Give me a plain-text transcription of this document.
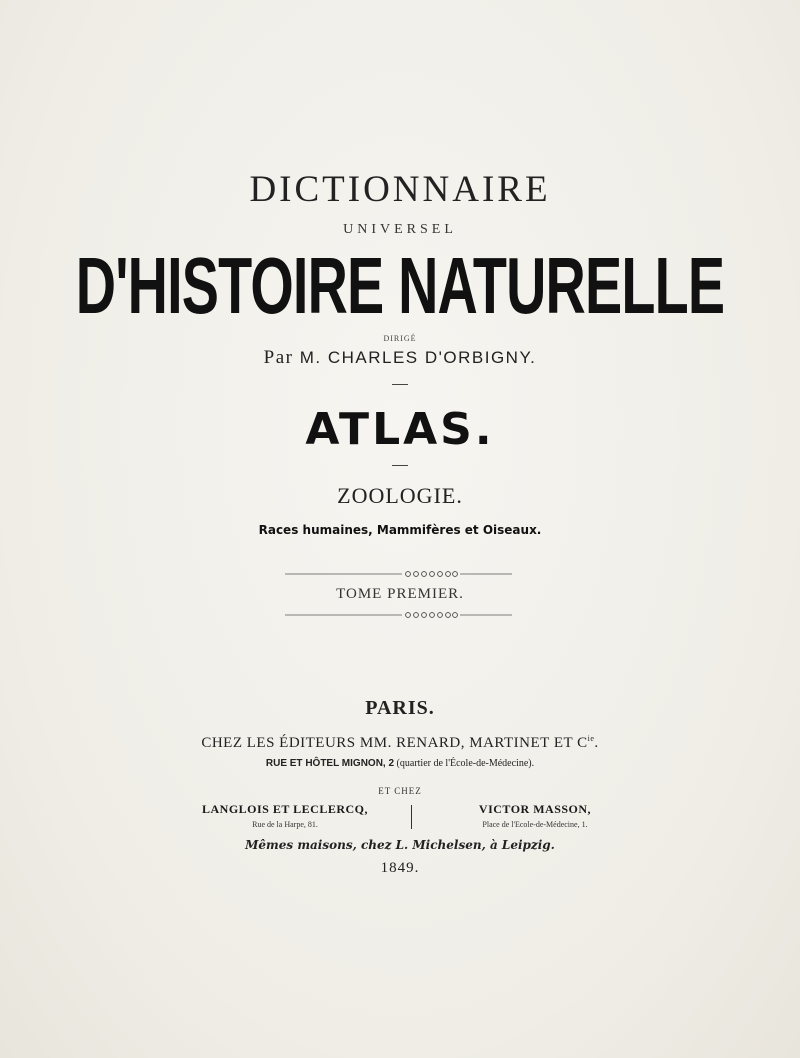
DICTIONNAIRE
UNIVERSEL
D'HISTOIRE NATURELLE
DIRIGÉ
Par M. CHARLES D'ORBIGNY.
ATLAS.
ZOOLOGIE.
Races humaines, Mammifères et Oiseaux.
TOME PREMIER.
PARIS.
CHEZ LES ÉDITEURS MM. RENARD, MARTINET ET $C^{ie}$.
RUE ET HÔTEL MIGNON, 2 (quartier de l'École-de-Médecine).
ET CHEZ
LANGLOIS ET LECLERCQ,
Rue de la Harpe, 81.
VICTOR MASSON,
Place de l'Ecole-de-Médecine, 1.
Mêmes maisons, chez L. Michelsen, à Leipzig.
1849.
